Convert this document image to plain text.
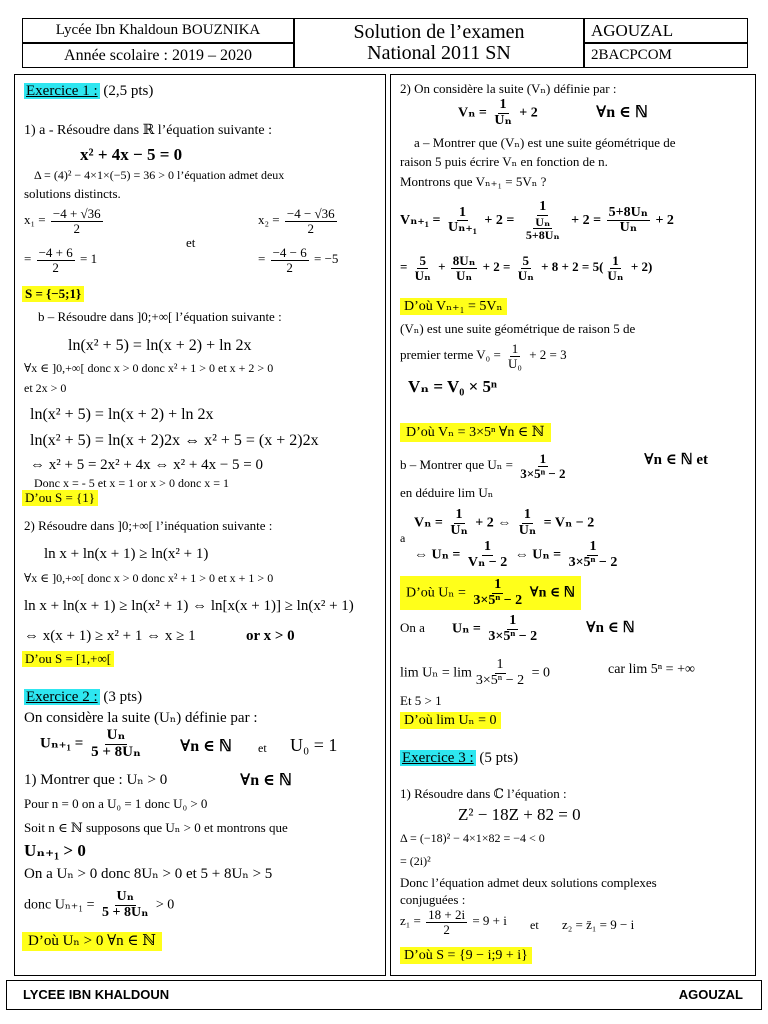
Lycée Ibn Khaldoun BOUZNIKA
Année scolaire : 2019 – 2020
Solution de l’examen
National 2011 SN
AGOUZAL
2BACPCOM
Exercice 1 : (2,5 pts)
1) a - Résoudre dans ℝ l’équation suivante :
x² + 4x − 5 = 0
Δ = (4)² − 4×1×(−5) = 36 > 0 l’équation admet deux
solutions distincts.
$x_1 = \frac{-4 + √36}{2}$
et
$x_2 = \frac{-4 - √36}{2}$
= $\frac{-4 + 6}{2} = 1$	= $\frac{-4 - 6}{2} = -5$
S = {−5;1}
b – Résoudre dans ]0;+∞[ l’équation suivante :
ln(x² + 5) = ln(x + 2) + ln 2x
∀x ∈ ]0,+∞[ donc x > 0 donc x² + 1 > 0 et x + 2 > 0
et 2x > 0
ln(x² + 5) = ln(x + 2) + ln 2x
ln(x² + 5) = ln(x + 2)2x ⇔ x² + 5 = (x + 2)2x
⇔ x² + 5 = 2x² + 4x ⇔ x² + 4x − 5 = 0
Donc x = - 5 et x = 1 or x > 0 donc x = 1
D’ou S = {1}
2) Résoudre dans ]0;+∞[ l’inéquation suivante :
ln x + ln(x + 1) ≥ ln(x² + 1)
∀x ∈ ]0,+∞[ donc x > 0 donc x² + 1 > 0 et x + 1 > 0
ln x + ln(x + 1) ≥ ln(x² + 1) ⇔ ln[x(x + 1)] ≥ ln(x² + 1)
⇔ x(x + 1) ≥ x² + 1 ⇔ x ≥ 1	or x > 0
D’ou S = [1,+∞[
Exercice 2 : (3 pts)
On considère la suite (Uₙ) définie par :
$U_{n+1} = \frac{\text{Uₙ}}{\text{5 + 8Uₙ}}$ ∀n ∈ ℕ et U₀ = 1
1) Montrer que : Uₙ > 0	∀n ∈ ℕ
Pour n = 0 on a U₀ = 1 donc U₀ > 0
Soit n ∈ ℕ supposons que Uₙ > 0 et montrons que
Uₙ₊₁ > 0
On a Uₙ > 0 donc 8Uₙ > 0 et 5 + 8Uₙ > 5
donc $U_{n+1} = \frac{\text{Uₙ}}{\text{5 + 8Uₙ}} > 0$
D’où Uₙ > 0 ∀n ∈ ℕ
2) On considère la suite (Vₙ) définie par :
$V_n = \frac{1}{\text{Uₙ}} + 2$	∀n ∈ ℕ
a – Montrer que (Vₙ) est une suite géométrique de
raison 5 puis écrire Vₙ en fonction de n.
Montrons que Vₙ₊₁ = 5Vₙ ?
$V_{n+1} = \frac{1}{\text{Uₙ₊₁}} + 2 = \frac{1}{\frac{\text{Uₙ}}{\text{5+8Uₙ}}} + 2 = \frac{\text{5+8Uₙ}}{\text{Uₙ}} + 2$
= $\frac{5}{\text{Uₙ}} + \frac{\text{8Uₙ}}{\text{Uₙ}} + 2 = \frac{5}{\text{Uₙ}} + 8 + 2 = 5( \frac{1}{\text{Uₙ}} + 2)$
D’où Vₙ₊₁ = 5Vₙ
(Vₙ) est une suite géométrique de raison 5 de
premier terme $V_0 = \frac{1}{\text{U₀}} + 2 = 3$
Vₙ = V₀ × 5ⁿ
D’où Vₙ = 3×5ⁿ ∀n ∈ ℕ
b – Montrer que $U_n = \frac{1}{\text{3×5ⁿ − 2}}$	∀n ∈ ℕ et
en déduire lim Uₙ
$V_n = \frac{1}{\text{Uₙ}} + 2$ ⇔ $\frac{1}{\text{Uₙ}} = V_n - 2$
a
⇔ $U_n = \frac{1}{\text{Vₙ − 2}}$ ⇔ $U_n = \frac{1}{\text{3×5ⁿ − 2}}$
D’où $U_n = \frac{1}{\text{3×5ⁿ − 2}}$ ∀n ∈ ℕ
On a $U_n = \frac{1}{\text{3×5ⁿ − 2}}$	∀n ∈ ℕ
$\lim U_n = \lim \frac{1}{\text{3×5ⁿ − 2}} = 0$	car lim 5ⁿ = +∞
Et 5 > 1
D’où lim Uₙ = 0
Exercice 3 : (5 pts)
1) Résoudre dans ℂ l’équation :
Z² − 18Z + 82 = 0
Δ = (−18)² − 4×1×82 = −4 < 0
= (2i)²
Donc l’équation admet deux solutions complexes
conjuguées :
$z_1 = \frac{18 + 2i}{2} = 9 + i$ et z₂ = z̄₁ = 9 − i
D’où S = {9 − i;9 + i}
LYCEE IBN KHALDOUN	AGOUZAL
